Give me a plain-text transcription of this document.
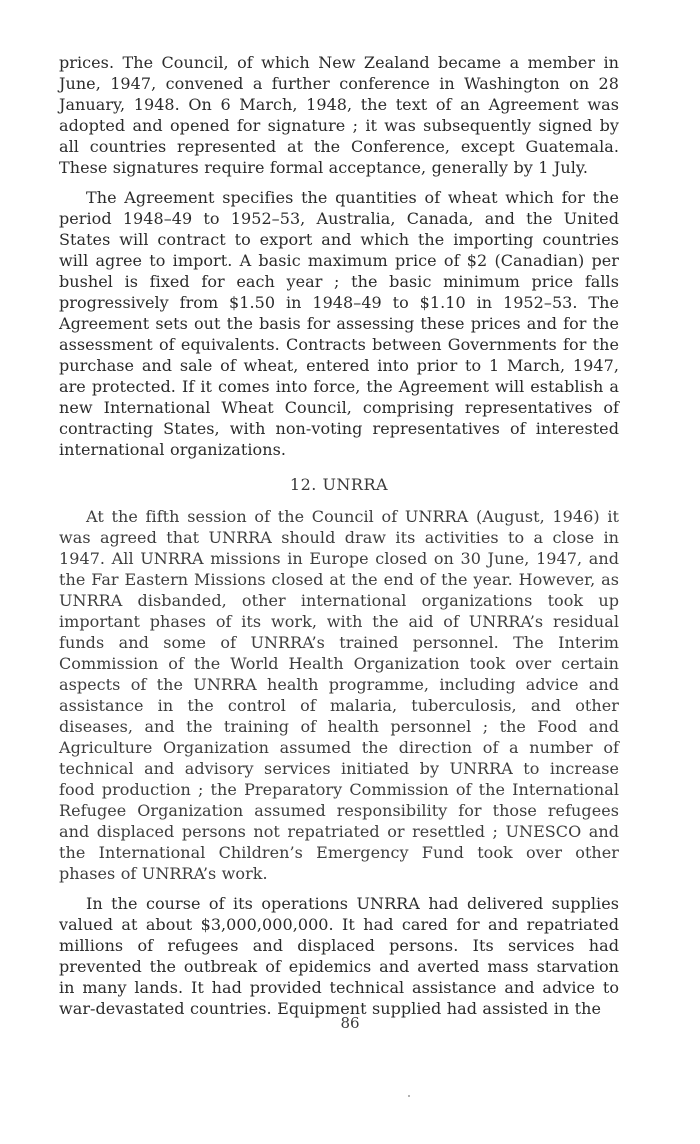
prices. The Council, of which New Zealand became a member in June, 1947, convened a further conference in Washington on 28 January, 1948. On 6 March, 1948, the text of an Agreement was adopted and opened for signature ; it was subsequently signed by all countries represented at the Conference, except Guatemala. These signatures require formal acceptance, generally by 1 July.

The Agreement specifies the quantities of wheat which for the period 1948–49 to 1952–53, Australia, Canada, and the United States will contract to export and which the importing countries will agree to import. A basic maximum price of $2 (Canadian) per bushel is fixed for each year ; the basic minimum price falls progressively from $1.50 in 1948–49 to $1.10 in 1952–53. The Agreement sets out the basis for assessing these prices and for the assessment of equivalents. Contracts between Governments for the purchase and sale of wheat, entered into prior to 1 March, 1947, are protected. If it comes into force, the Agreement will establish a new International Wheat Council, comprising representatives of contracting States, with non-voting representatives of interested international organizations.

12. UNRRA

At the fifth session of the Council of UNRRA (August, 1946) it was agreed that UNRRA should draw its activities to a close in 1947. All UNRRA missions in Europe closed on 30 June, 1947, and the Far Eastern Missions closed at the end of the year. However, as UNRRA disbanded, other international organizations took up important phases of its work, with the aid of UNRRA’s residual funds and some of UNRRA’s trained personnel. The Interim Commission of the World Health Organization took over certain aspects of the UNRRA health programme, including advice and assistance in the control of malaria, tuberculosis, and other diseases, and the training of health personnel ; the Food and Agriculture Organization assumed the direction of a number of technical and advisory services initiated by UNRRA to increase food production ; the Preparatory Commission of the International Refugee Organization assumed responsibility for those refugees and displaced persons not repatriated or resettled ; UNESCO and the International Children’s Emergency Fund took over other phases of UNRRA’s work.

In the course of its operations UNRRA had delivered supplies valued at about $3,000,000,000. It had cared for and repatriated millions of refugees and displaced persons. Its services had prevented the outbreak of epidemics and averted mass starvation in many lands. It had provided technical assistance and advice to war-devastated countries. Equipment supplied had assisted in the

86
